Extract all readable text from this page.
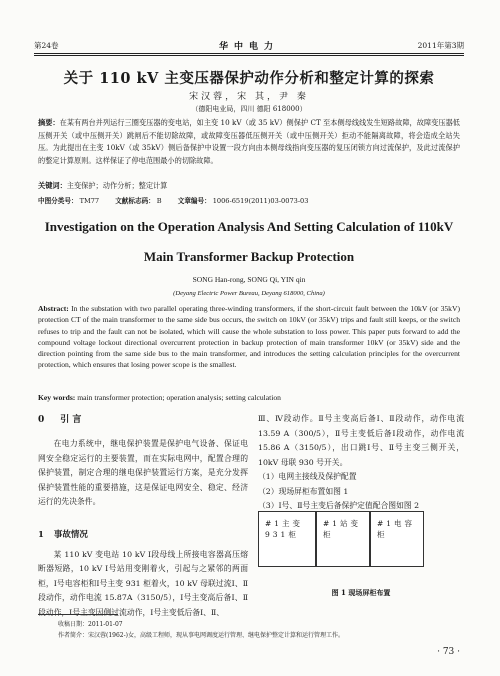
第24卷	华中电力	2011年第3期
关于 110 kV 主变压器保护动作分析和整定计算的探索
宋汉蓉，宋 其，尹 秦
（德阳电业局，四川 德阳 618000）
摘要：在某有两台并列运行三圈变压器的变电站，如主变 10 kV（或 35 kV）侧保护 CT 至本侧母线线发生短路故障，故障变压器低压侧开关（或中压侧开关）跳闸后不能切除故障，或故障变压器低压侧开关（或中压侧开关）拒动不能隔离故障，将会造成全站失压。为此提出在主变 10kV（或 35kV）侧后备保护中设置一段方向由本侧母线指向变压器的复压闭锁方向过流保护，及此过流保护的整定计算原则。这样保证了停电范围最小的切除故障。
关键词：主变保护；动作分析；整定计算
中图分类号： TM77 文献标志码： B 文章编号： 1006-6519(2011)03-0073-03
Investigation on the Operation Analysis And Setting Calculation of 110kV Main Transformer Backup Protection
SONG Han-rong, SONG Qi, YIN qin
(Deyang Electric Power Bureau, Deyang 618000, China)
Abstract: In the substation with two parallel operating three-winding transformers, if the short-circuit fault between the 10kV (or 35kV) protection CT of the main transformer to the same side bus occurs, the switch on 10kV (or 35kV) trips and fault still keeps, or the switch refuses to trip and the fault can not be isolated, which will cause the whole substation to loss power. This paper puts forward to add the compound voltage lockout directional overcurrent protection in backup protection of main transformer 10kV (or 35kV) side and the direction pointing from the same side bus to the main transformer, and introduces the setting calculation principles for the overcurrent protection, which ensures that losing power scope is the smallest.
Key words: main transformer protection; operation analysis; setting calculation
0 引 言

在电力系统中，继电保护装置是保护电气设备、保证电网安全稳定运行的主要装置，而在实际电网中，配置合理的保护装置，制定合理的继电保护装置运行方案，是充分发挥保护装置性能的重要措施，这是保证电网安全、稳定、经济运行的先决条件。

1 事故情况

某 110 kV 变电站 10 kV Ⅰ段母线上所接电容器高压熔断器短路，10 kV Ⅰ号站用变刚着火，引起与之紧邻的两面柜，Ⅰ号电容柜和Ⅰ号主变 931 柜着火，10 kV 母联过流Ⅰ、Ⅱ段动作，动作电流 15.87A（3150/5），Ⅰ号主变高后备Ⅰ、Ⅱ段动作，Ⅰ号主变因侧过流动作，Ⅰ号主变低后备Ⅰ、Ⅱ、

Ⅲ、Ⅳ段动作。Ⅱ号主变高后备Ⅰ、Ⅱ段动作，动作电流 13.59 A（300/5），Ⅱ号主变低后备Ⅰ段动作，动作电流 15.86 A（3150/5），出口跳Ⅰ号、Ⅱ号主变三侧开关，10kV 母联 930 号开关。

（1）电网主接线及保护配置
（2）现场屏柜布置如图 1
（3）Ⅰ号、Ⅱ号主变后备保护定值配合图如图 2
#1主变
931柜
#1站变柜
#1电容柜
图 1 现场屏柜布置
收稿日期：2011-01-07
作者简介：宋汉蓉(1962-)女，高级工程师，现从事电网调度运行管理、继电保护整定计算和运行管理工作。
· 73 ·
